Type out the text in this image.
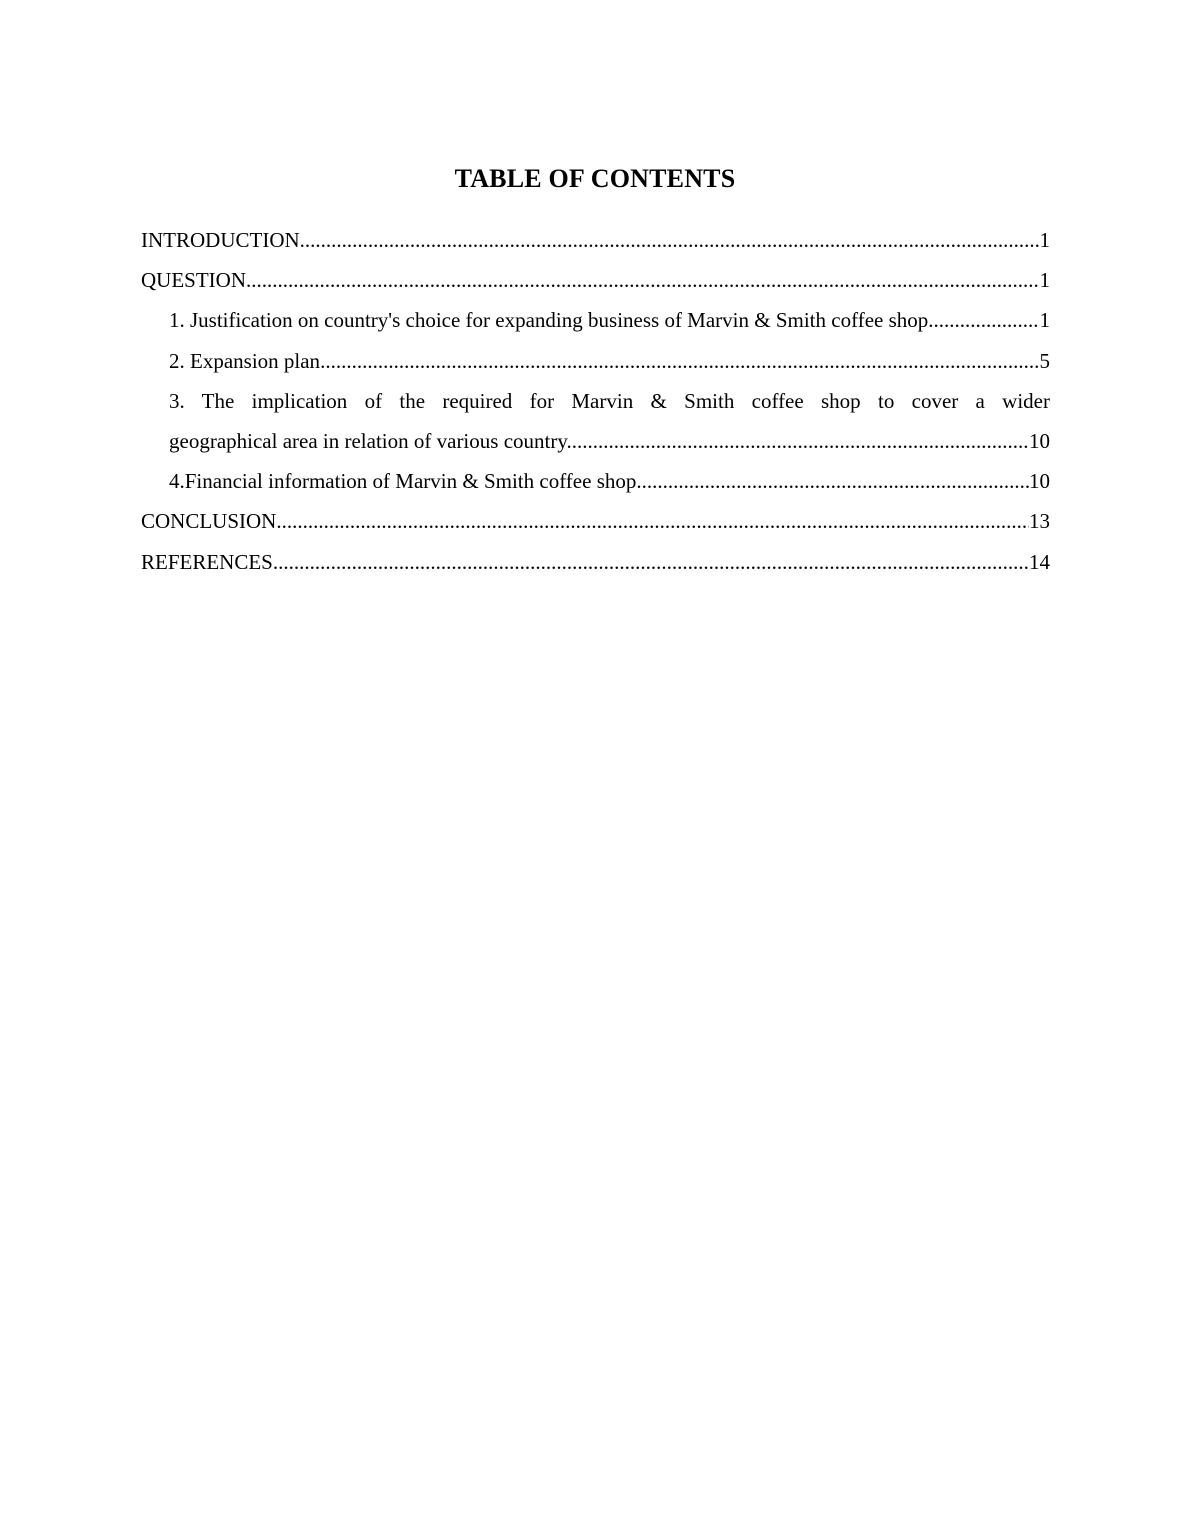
TABLE OF CONTENTS
INTRODUCTION .....	1
QUESTION .....	1
1. Justification on country's choice for expanding business of Marvin & Smith coffee shop. .....	1
2. Expansion plan .....	5
3. The implication of the required for Marvin & Smith coffee shop to cover a wider
geographical area in relation of various country. .....	10
4.Financial information of Marvin & Smith coffee shop .....	10
CONCLUSION .....	13
REFERENCES .....	14
